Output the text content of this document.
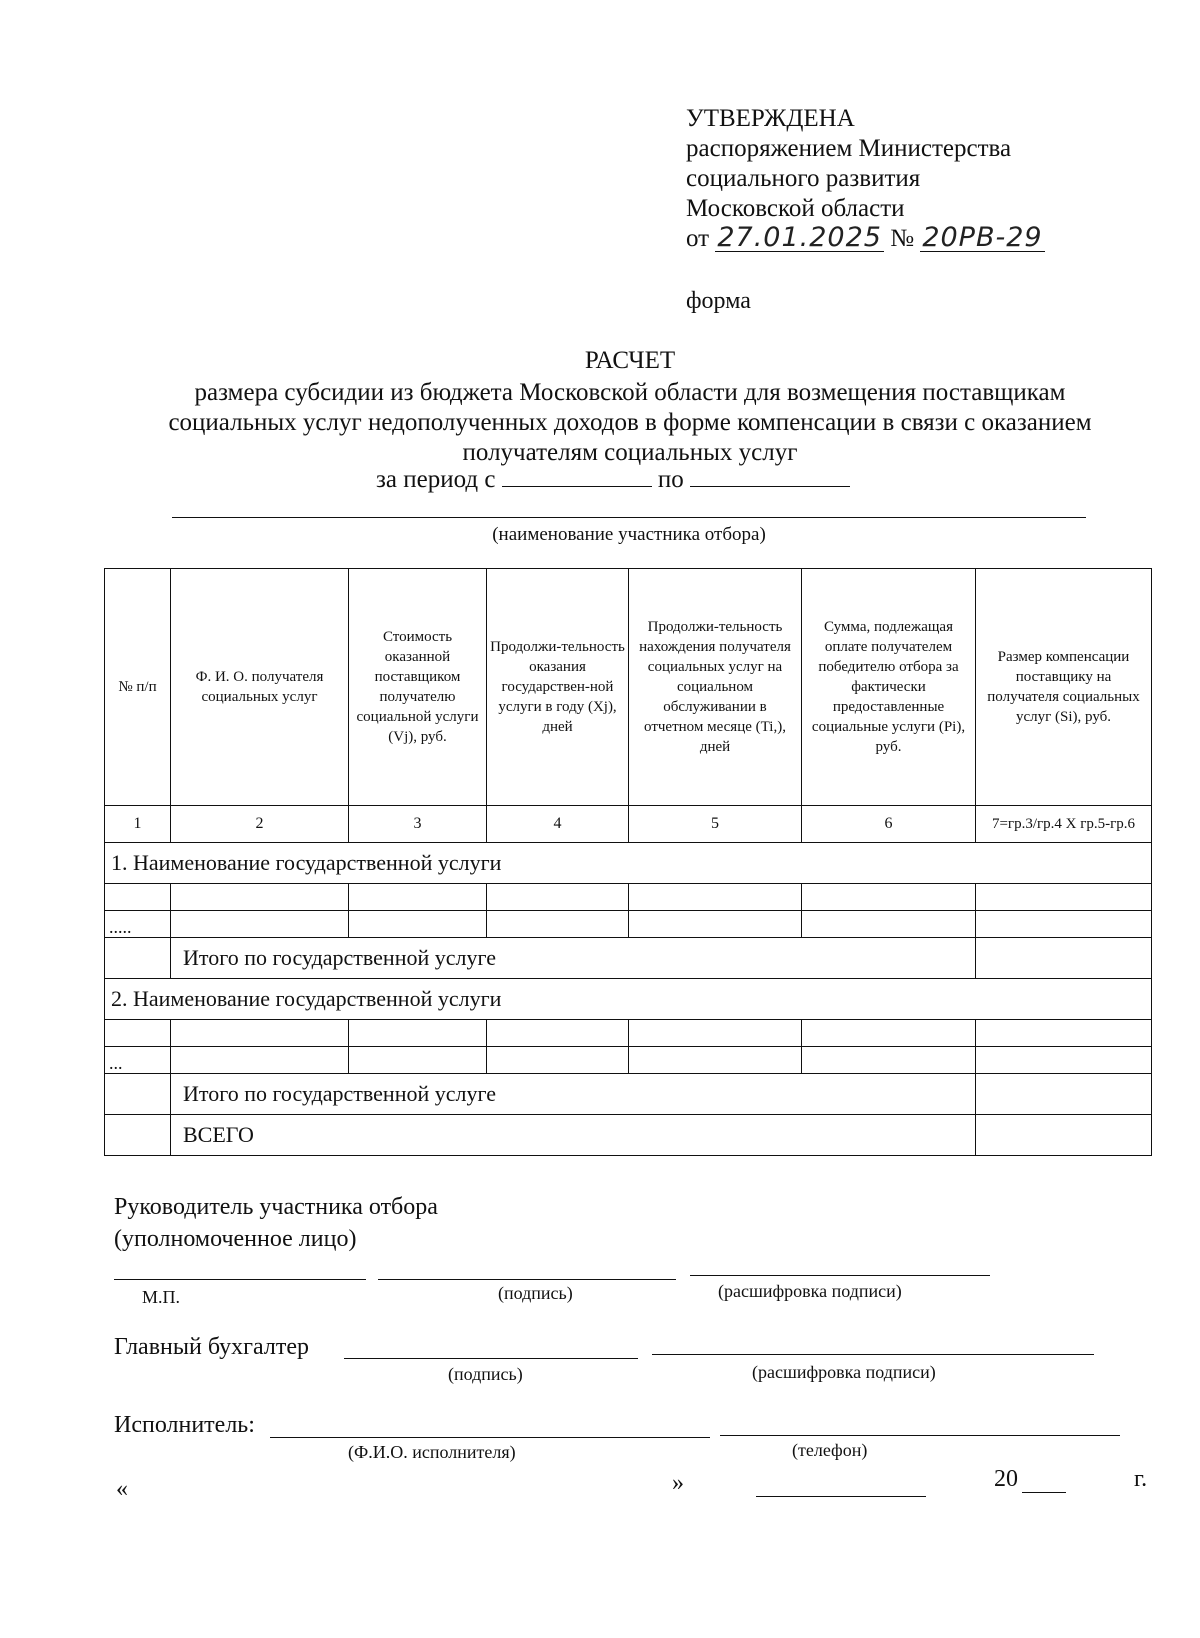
УТВЕРЖДЕНА
распоряжением Министерства
социального развития
Московской области
от 27.01.2025 № 20РВ-29
форма
РАСЧЕТ
размера субсидии из бюджета Московской области для возмещения поставщикам
социальных услуг недополученных доходов в форме компенсации в связи с оказанием
получателям социальных услуг
за период с	по
(наименование участника отбора)
№ п/п	Ф. И. О. получателя социальных услуг	Стоимость оказанной поставщиком получателю социальной услуги (Vj), руб.	Продолжи-тельность оказания государствен-ной услуги в году (Xj), дней	Продолжи-тельность нахождения получателя социальных услуг на социальном обслуживании в отчетном месяце (Ti,), дней	Сумма, подлежащая оплате получателем победителю отбора за фактически предоставленные социальные услуги (Pi), руб.	Размер компенсации поставщику на получателя социальных услуг (Si), руб.
1	2	3	4	5	6	7=гр.3/гр.4 X гр.5-гр.6
1. Наименование государственной услуги						

.....						
	Итого по государственной услуге					
2. Наименование государственной услуги						

...						
	Итого по государственной услуге					
	ВСЕГО					
Руководитель участника отбора
(уполномоченное лицо)
М.П.	(подпись)	(расшифровка подписи)
Главный бухгалтер
(подпись)	(расшифровка подписи)
Исполнитель:
(Ф.И.О. исполнителя)	(телефон)
«	»	20	г.
